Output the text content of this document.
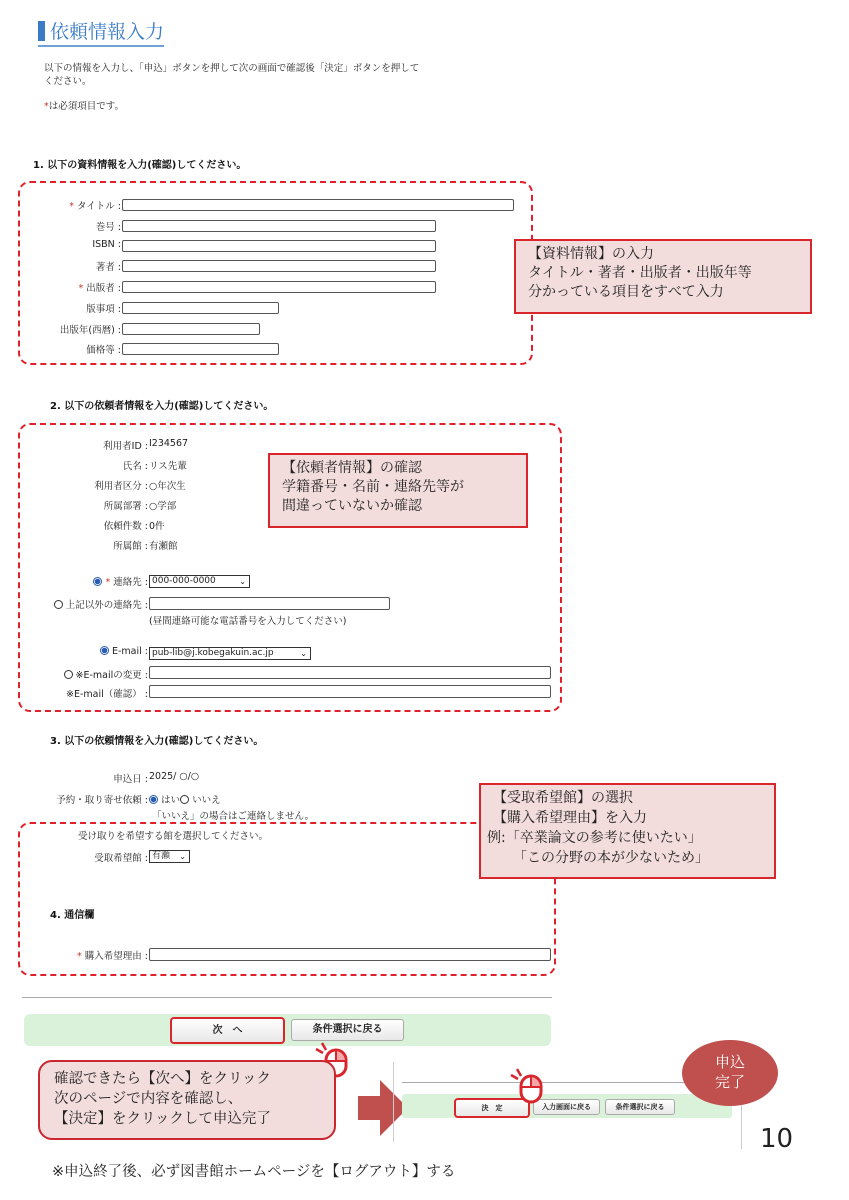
依頼情報入力
以下の情報を入力し、「申込」ボタンを押して次の画面で確認後「決定」ボタンを押して
ください。
*は必須項目です。
1. 以下の資料情報を入力(確認)してください。
* タイトル :
巻号 :
ISBN :
著者 :
* 出版者 :
版事項 :
出版年(西暦) :
価格等 :
【資料情報】の入力
タイトル・著者・出版者・出版年等
分かっている項目をすべて入力
2. 以下の依頼者情報を入力(確認)してください。
利用者ID : I234567
氏名 : リス先輩
利用者区分 : ○年次生
所属部署 : ○学部
依頼件数 : 0件
所属館 : 有瀬館
【依頼者情報】の確認
学籍番号・名前・連絡先等が
間違っていないか確認
* 連絡先 : 000-000-0000	⌄
上記以外の連絡先 :
(昼間連絡可能な電話番号を入力してください)
E-mail : pub-lib@j.kobegakuin.ac.jp	⌄
※E-mailの変更 :
※E-mail（確認） :
3. 以下の依頼情報を入力(確認)してください。
申込日 : 2025/ ○/○
予約・取り寄せ依頼 :	はい いいえ
「いいえ」の場合はご連絡しません。
受け取りを希望する館を選択してください。
受取希望館 : 有瀬 ⌄
【受取希望館】の選択
【購入希望理由】を入力
例:「卒業論文の参考に使いたい」
「この分野の本が少ないため」
4. 通信欄
* 購入希望理由 :
次　へ	条件選択に戻る
確認できたら【次へ】をクリック
次のページで内容を確認し、
【決定】をクリックして申込完了
決　定	入力画面に戻る	条件選択に戻る
申込
完了
10
※申込終了後、必ず図書館ホームページを【ログアウト】する
